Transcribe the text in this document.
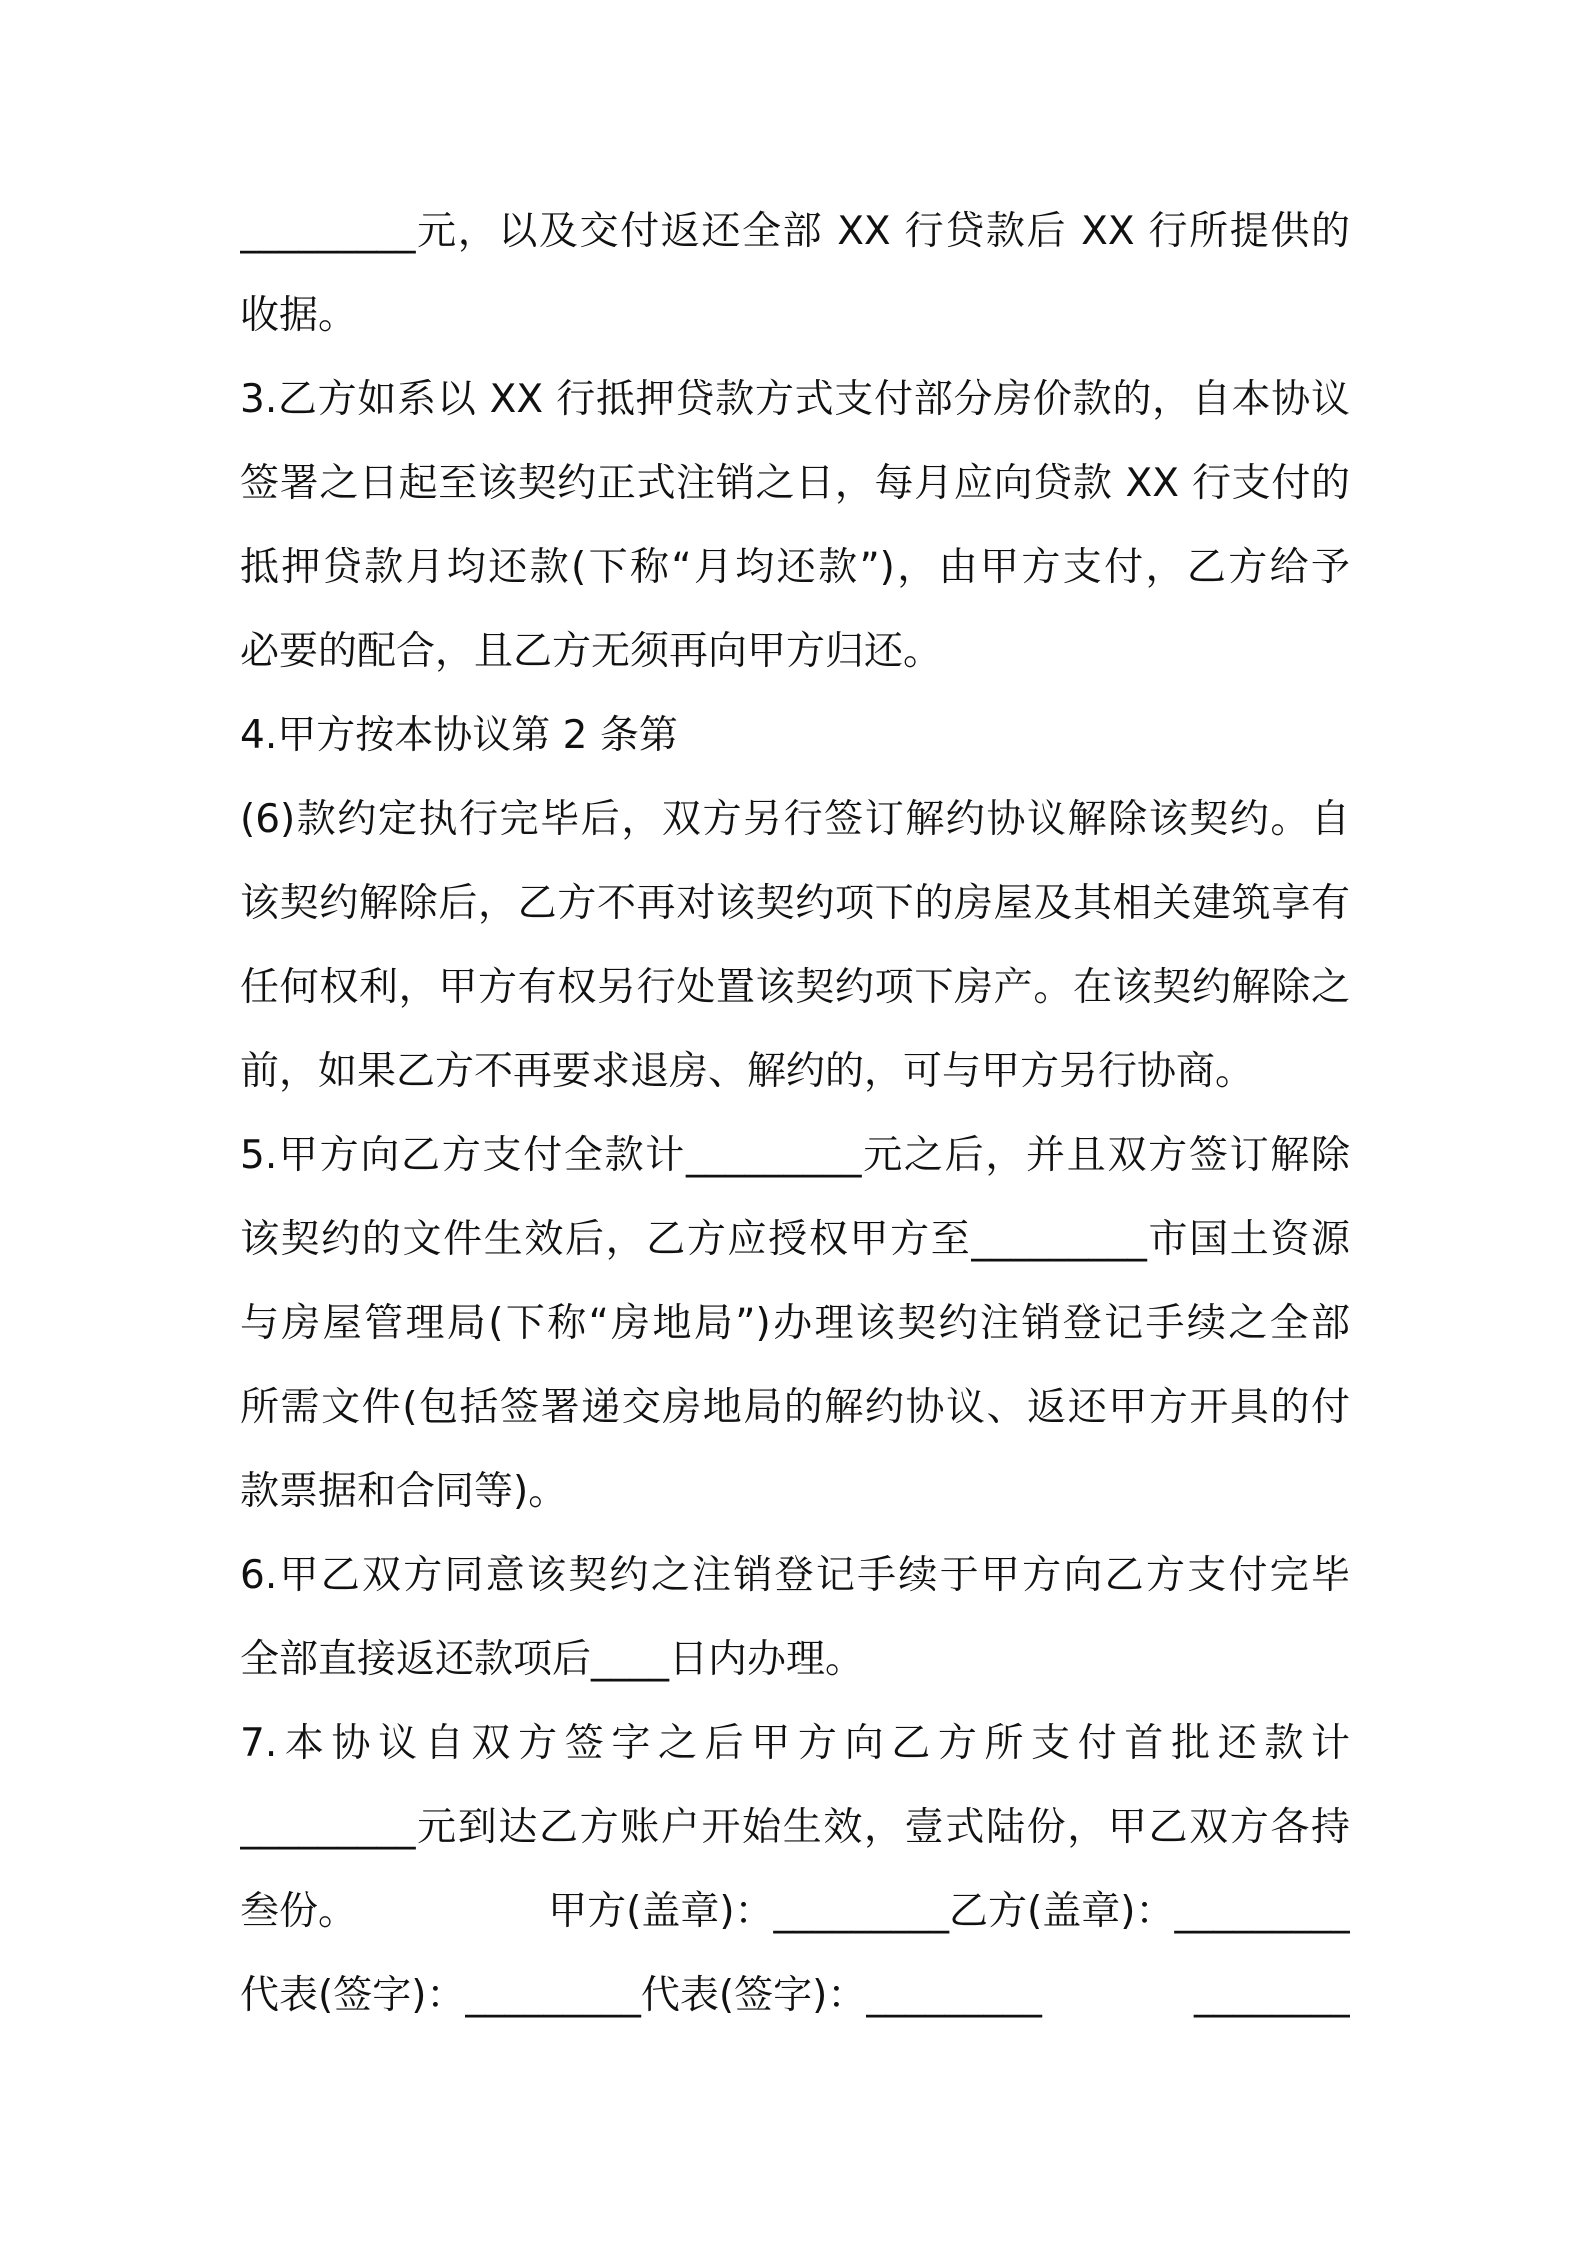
_________元，以及交付返还全部 XX 行贷款后 XX 行所提供的
收据。
3.乙方如系以 XX 行抵押贷款方式支付部分房价款的，自本协议
签署之日起至该契约正式注销之日，每月应向贷款 XX 行支付的
抵押贷款月均还款(下称“月均还款”)，由甲方支付，乙方给予
必要的配合，且乙方无须再向甲方归还。
4.甲方按本协议第 2 条第
(6)款约定执行完毕后，双方另行签订解约协议解除该契约。自
该契约解除后，乙方不再对该契约项下的房屋及其相关建筑享有
任何权利，甲方有权另行处置该契约项下房产。在该契约解除之
前，如果乙方不再要求退房、解约的，可与甲方另行协商。
5.甲方向乙方支付全款计_________元之后，并且双方签订解除
该契约的文件生效后，乙方应授权甲方至_________市国土资源
与房屋管理局(下称“房地局”)办理该契约注销登记手续之全部
所需文件(包括签署递交房地局的解约协议、返还甲方开具的付
款票据和合同等)。
6.甲乙双方同意该契约之注销登记手续于甲方向乙方支付完毕
全部直接返还款项后____日内办理。
7.本协议自双方签字之后甲方向乙方所支付首批还款计
_________元到达乙方账户开始生效，壹式陆份，甲乙双方各持
叁份。	甲方(盖章)：_________乙方(盖章)：_________
代表(签字)：_________代表(签字)：_________	________
